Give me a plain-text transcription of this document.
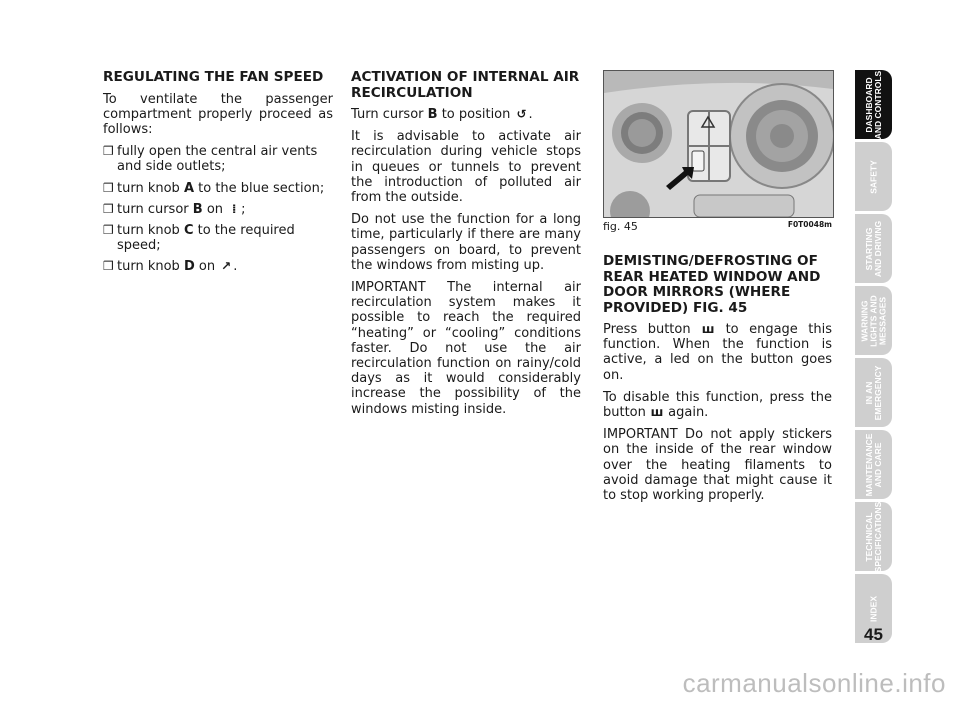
REGULATING THE FAN SPEED

To ventilate the passenger compartment properly proceed as follows:

❒ fully open the central air vents and side outlets;
❒ turn knob A to the blue section;
❒ turn cursor B on ⁞ ;
❒ turn knob C to the required speed;
❒ turn knob D on ↗ .
ACTIVATION OF INTERNAL AIR RECIRCULATION

Turn cursor B to position ↺ .

It is advisable to activate air recirculation during vehicle stops in queues or tunnels to prevent the introduction of polluted air from the outside.

Do not use the function for a long time, particularly if there are many passengers on board, to prevent the windows from misting up.

IMPORTANT The internal air recirculation system makes it possible to reach the required “heating” or “cooling” conditions faster. Do not use the air recirculation function on rainy/cold days as it would considerably increase the possibility of the windows misting inside.

fig. 45	F0T0048m
DEMISTING/DEFROSTING OF REAR HEATED WINDOW AND DOOR MIRRORS (WHERE PROVIDED) FIG. 45

Press button ꟺ to engage this function. When the function is active, a led on the button goes on.

To disable this function, press the button ꟺ again.

IMPORTANT Do not apply stickers on the inside of the rear window over the heating filaments to avoid damage that might cause it to stop working properly.

DASHBOARD
AND CONTROLS
SAFETY
STARTING
AND DRIVING
WARNING
LIGHTS AND
MESSAGES
IN AN
EMERGENCY
MAINTENANCE
AND CARE
TECHNICAL
SPECIFICATIONS
INDEX
45
carmanualsonline.info
